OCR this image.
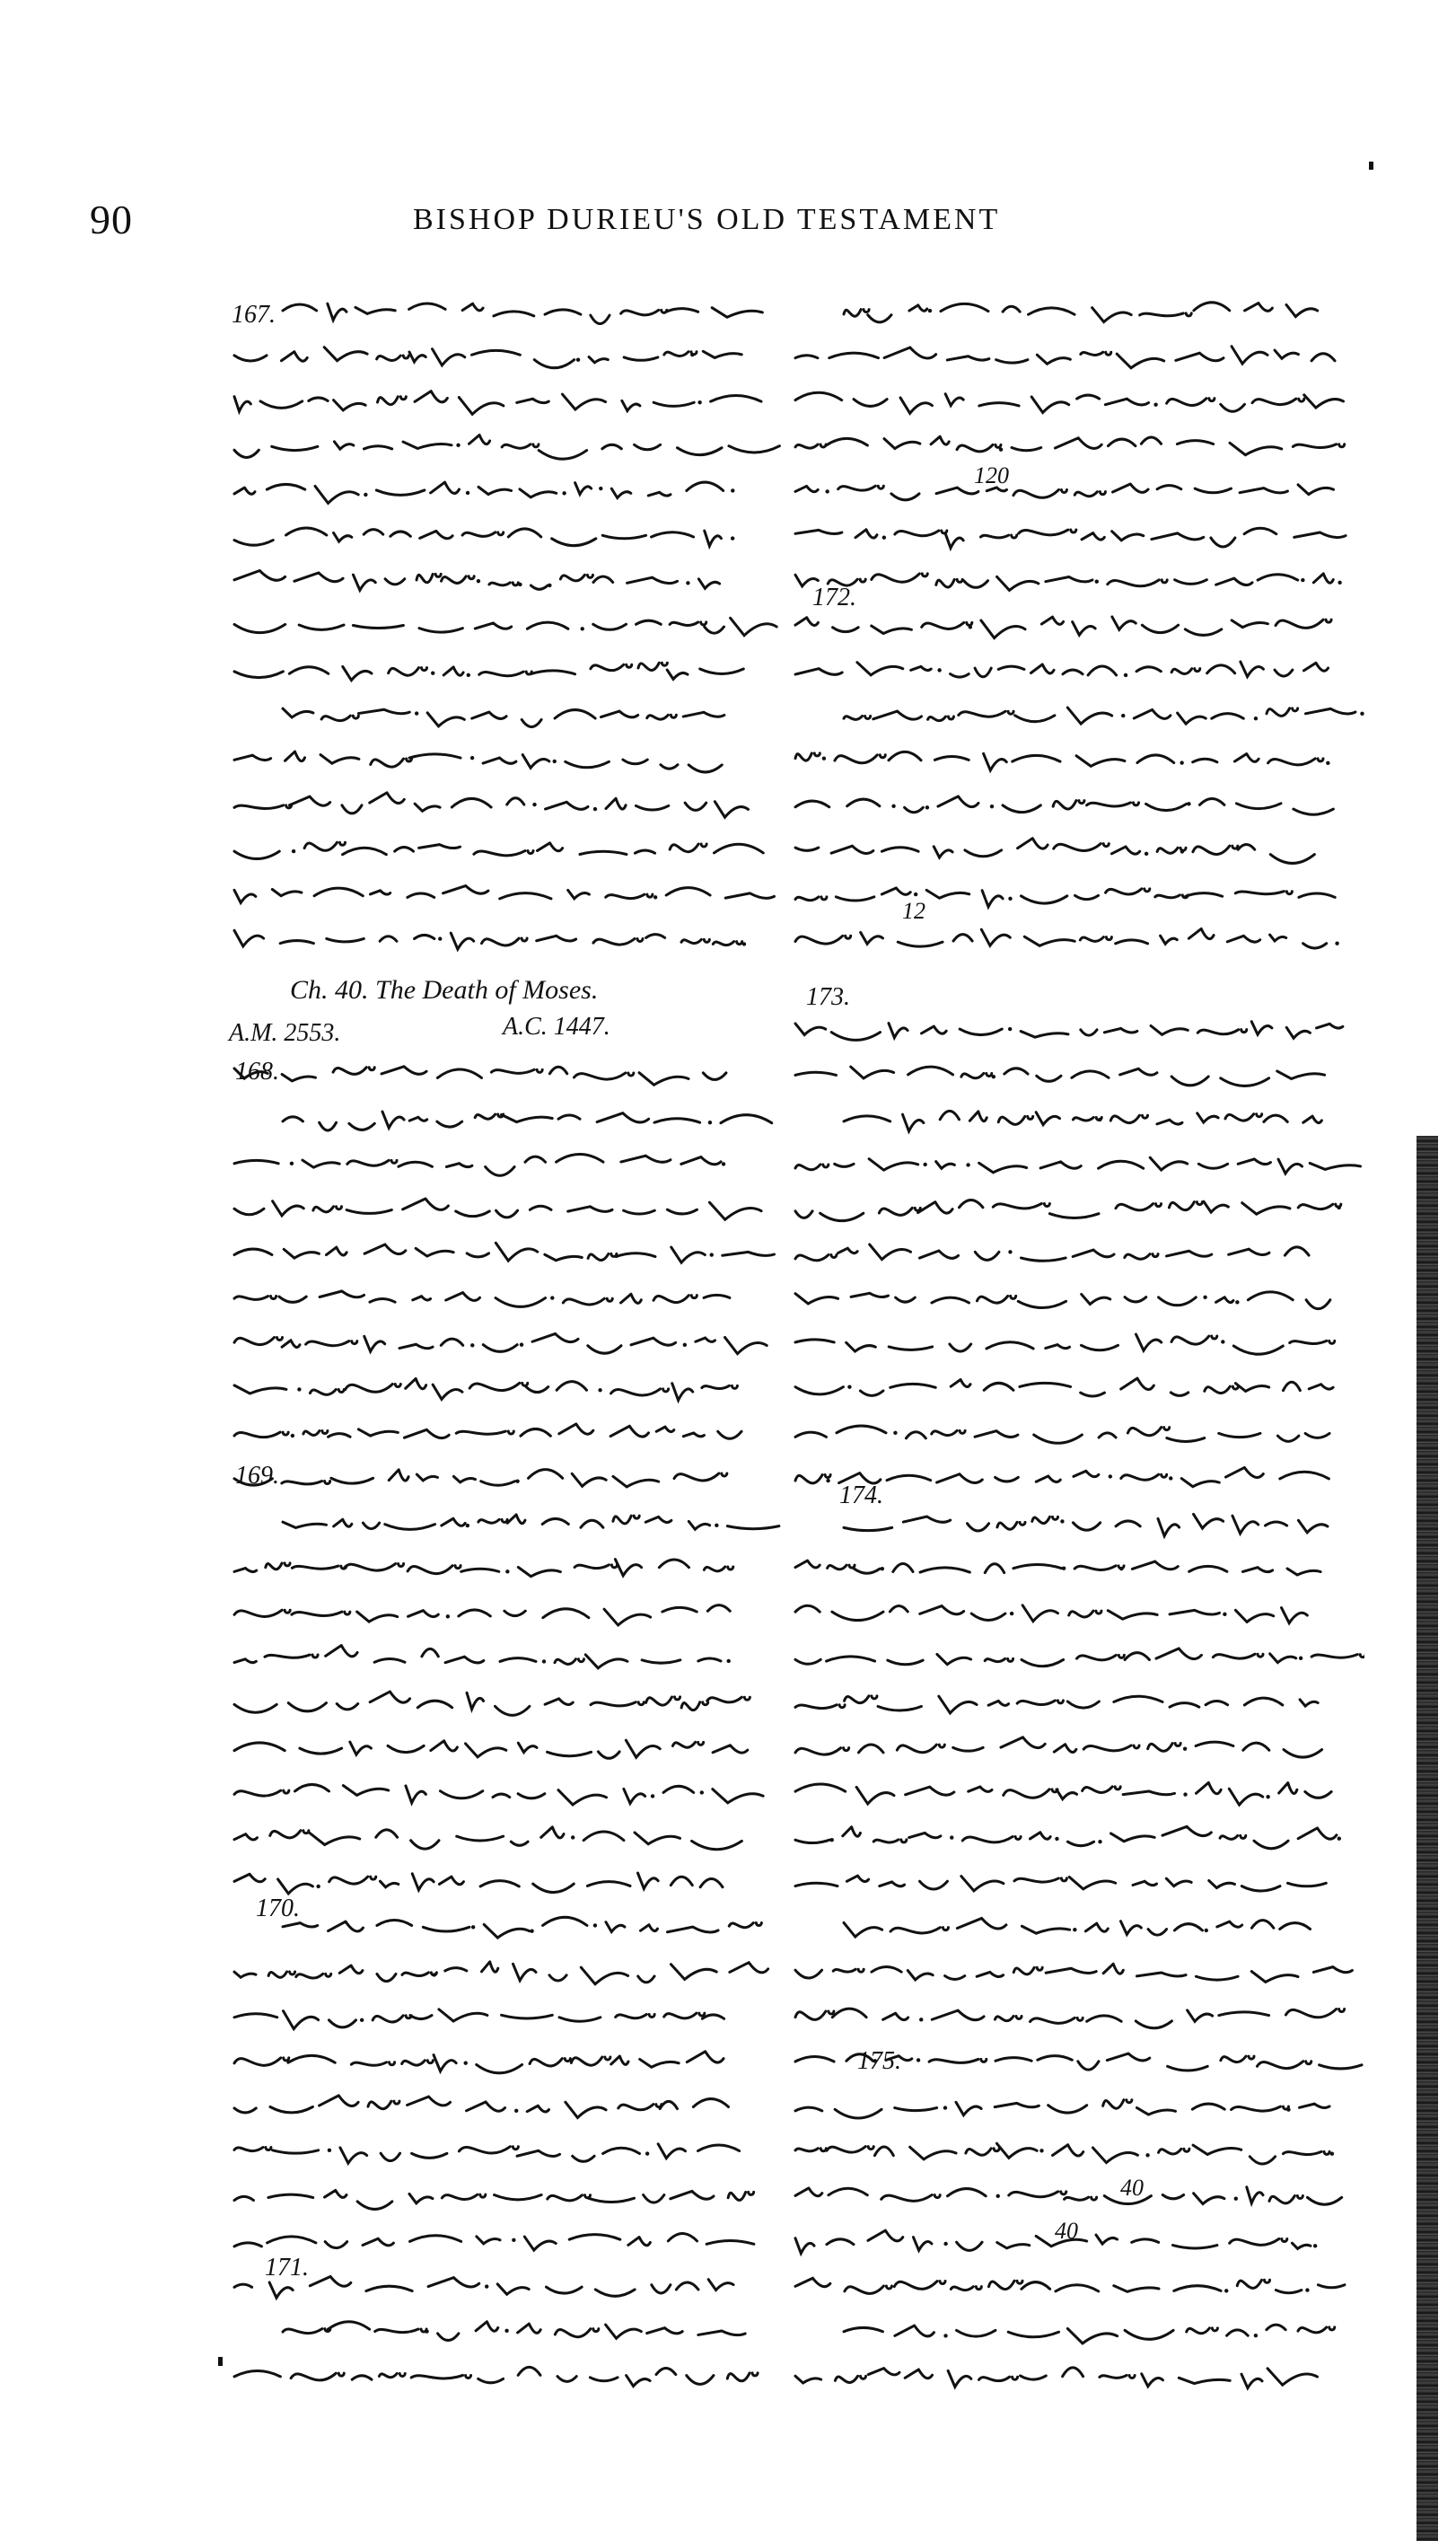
90	BISHOP DURIEU'S OLD TESTAMENT
Ch. 40. The Death of Moses.
A.M. 2553.	A.C. 1447.
167.
168.
169.
170.
171.
172.
173.
174.
175.
120
12
40
40
